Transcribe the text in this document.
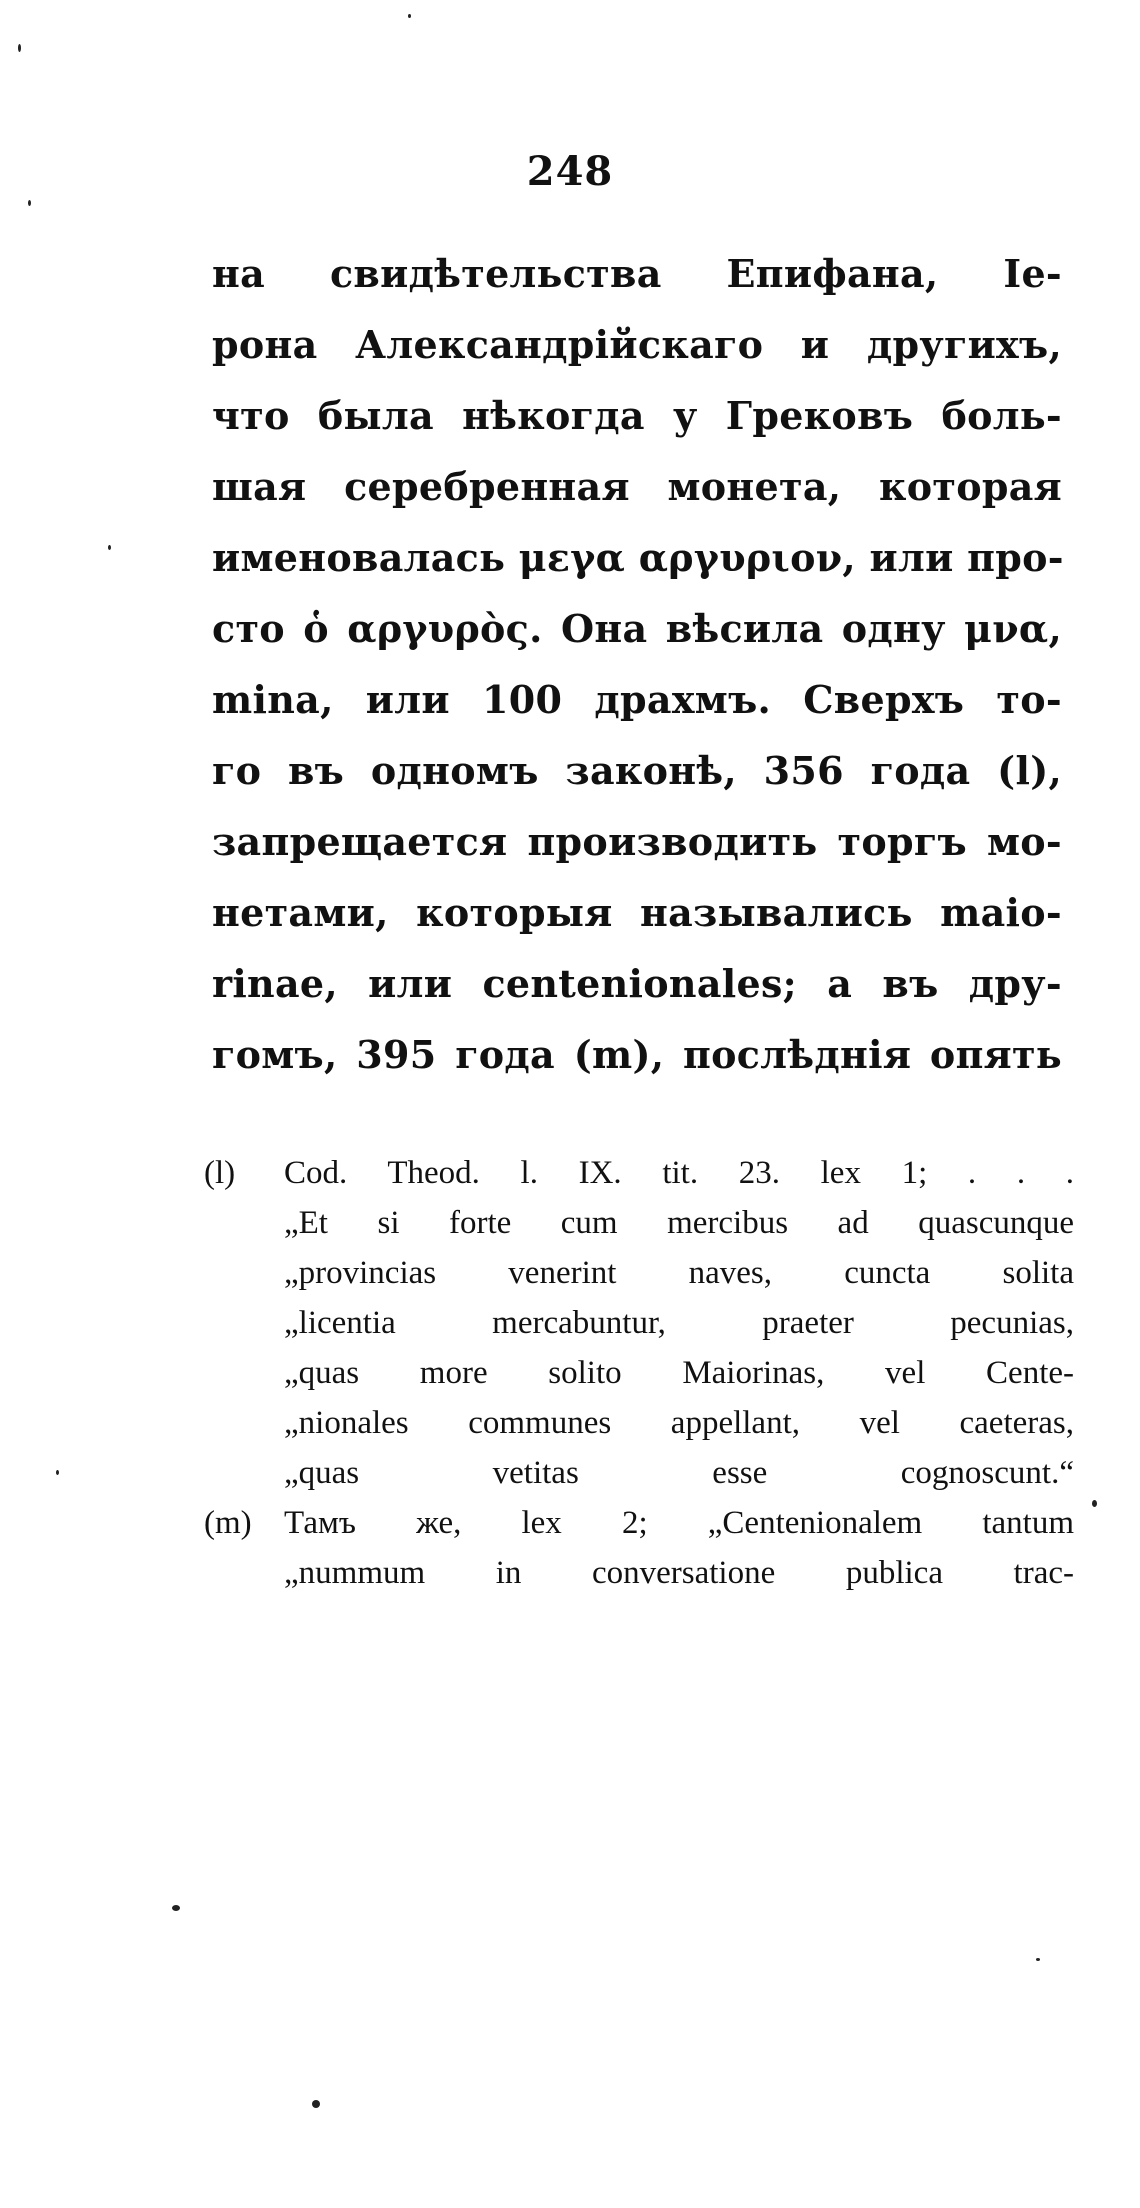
248
на свидѣтельства Епифана, Іе-
рона Александрійскаго и другихъ,
что была нѣкогда у Грековъ боль-
шая серебренная монета, которая
именовалась μεγα αργυριον, или про-
сто ὁ αργυρὸς. Она вѣсила одну μνα,
mina, или 100 драхмъ. Сверхъ то-
го въ одномъ законѣ, 356 года (l),
запрещается производить торгъ мо-
нетами, которыя назывались maio-
rinae, или centenionales; а въ дру-
гомъ, 395 года (m), послѣднія опять
(l) Cod. Theod. l. IX. tit. 23. lex 1; . . .
„Et si forte cum mercibus ad quascunque
„provincias venerint naves, cuncta solita
„licentia mercabuntur, praeter pecunias,
„quas more solito Maiorinas, vel Cente-
„nionales communes appellant, vel caeteras,
„quas vetitas esse cognoscunt.“
(m) Тамъ же, lex 2; „Centenionalem tantum
„nummum in conversatione publica trac-
